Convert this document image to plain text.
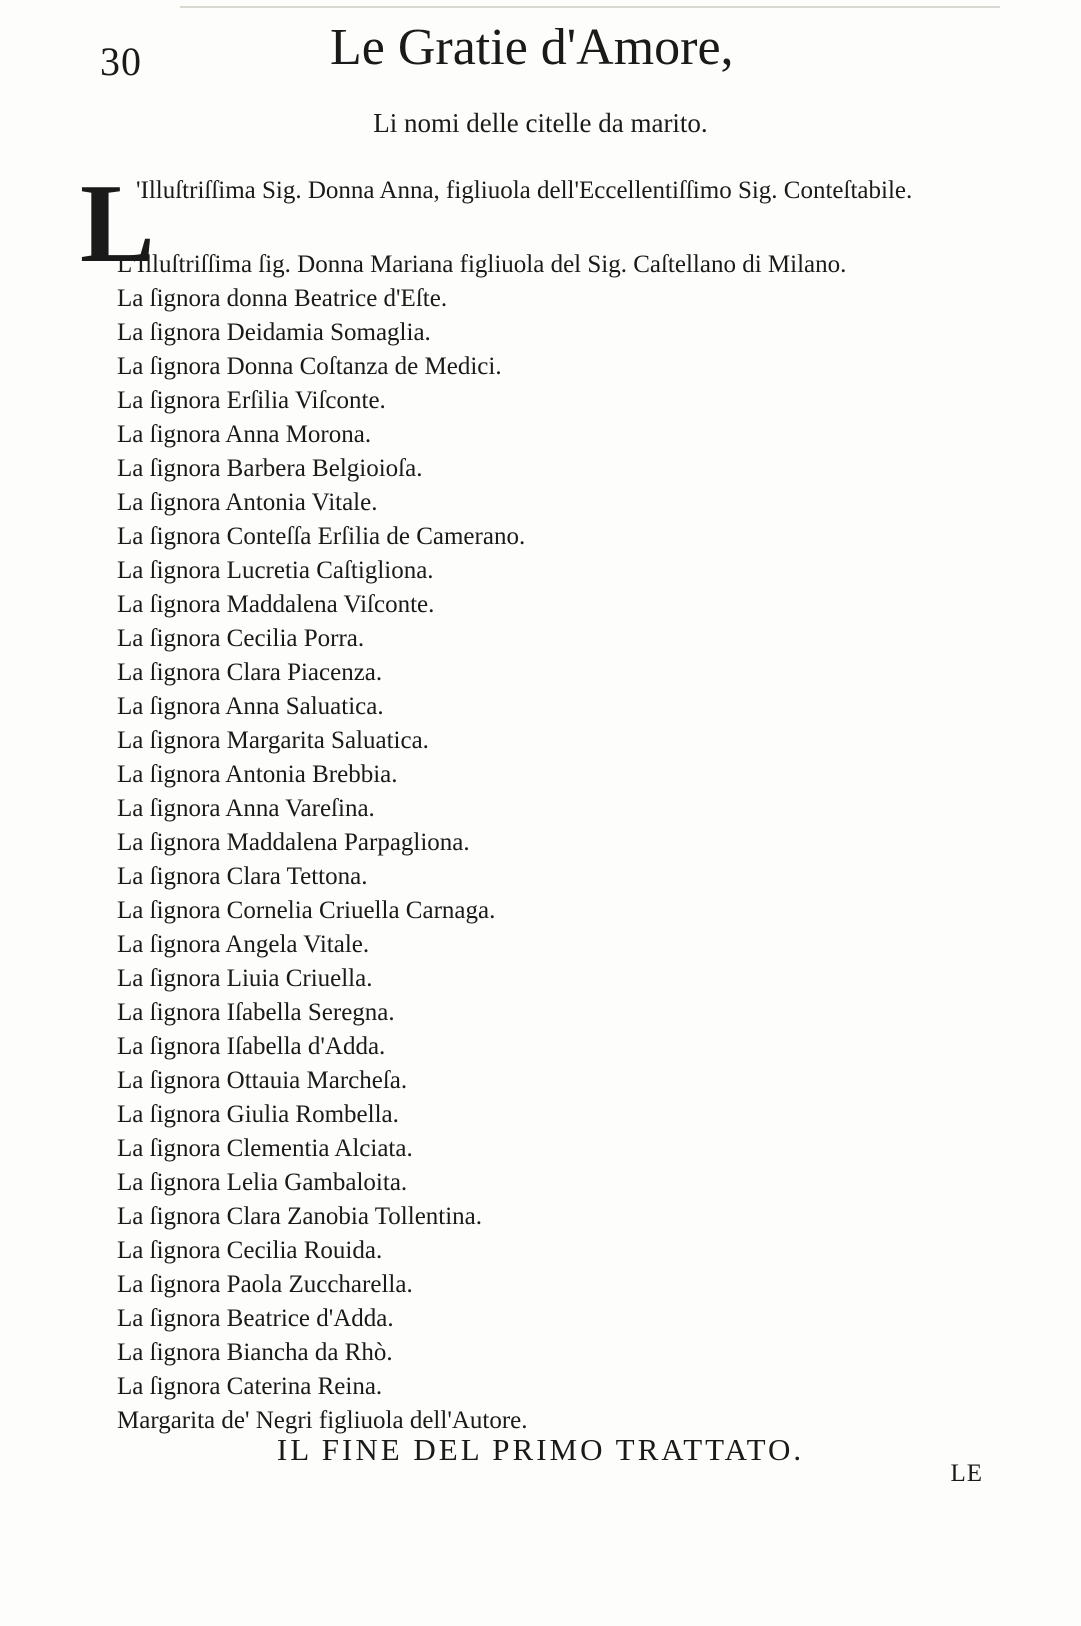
30	Le Gratie d'Amore,
Li nomi delle citelle da marito.
L
'Illuſtriſſima Sig. Donna Anna, figliuola dell'Eccellentiſſimo Sig. Conteſtabile.
L'Illuſtriſſima ſig. Donna Mariana figliuola del Sig. Caſtellano di Milano.
La ſignora donna Beatrice d'Eſte.
La ſignora Deidamia Somaglia.
La ſignora Donna Coſtanza de Medici.
La ſignora Erſilia Viſconte.
La ſignora Anna Morona.
La ſignora Barbera Belgioioſa.
La ſignora Antonia Vitale.
La ſignora Conteſſa Erſilia de Camerano.
La ſignora Lucretia Caſtigliona.
La ſignora Maddalena Viſconte.
La ſignora Cecilia Porra.
La ſignora Clara Piacenza.
La ſignora Anna Saluatica.
La ſignora Margarita Saluatica.
La ſignora Antonia Brebbia.
La ſignora Anna Vareſina.
La ſignora Maddalena Parpagliona.
La ſignora Clara Tettona.
La ſignora Cornelia Criuella Carnaga.
La ſignora Angela Vitale.
La ſignora Liuia Criuella.
La ſignora Iſabella Seregna.
La ſignora Iſabella d'Adda.
La ſignora Ottauia Marcheſa.
La ſignora Giulia Rombella.
La ſignora Clementia Alciata.
La ſignora Lelia Gambaloita.
La ſignora Clara Zanobia Tollentina.
La ſignora Cecilia Rouida.
La ſignora Paola Zuccharella.
La ſignora Beatrice d'Adda.
La ſignora Biancha da Rhò.
La ſignora Caterina Reina.
Margarita de' Negri figliuola dell'Autore.
IL FINE DEL PRIMO TRATTATO.
LE
